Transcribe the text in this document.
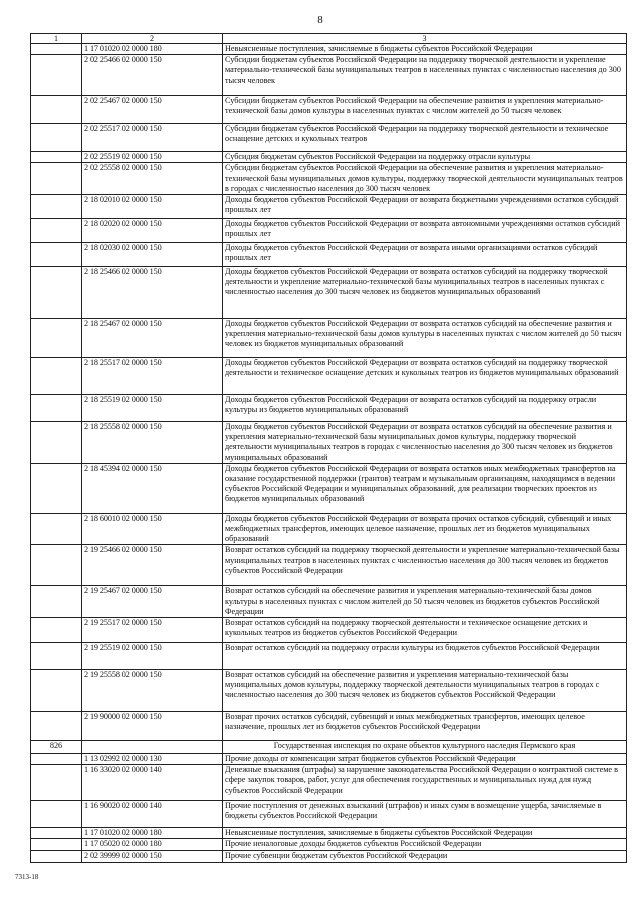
8
1	2	3
	1 17 01020 02 0000 180	Невыясненные поступления, зачисляемые в бюджеты субъектов Российской Федерации
	2 02 25466 02 0000 150	Субсидии бюджетам субъектов Российской Федерации на поддержку творческой деятельности и укрепление материально-технической базы муниципальных театров в населенных пунктах с численностью населения до 300 тысяч человек
	2 02 25467 02 0000 150	Субсидии бюджетам субъектов Российской Федерации на обеспечение развития и укрепления материально-технической базы домов культуры в населенных пунктах с числом жителей до 50 тысяч человек
	2 02 25517 02 0000 150	Субсидии бюджетам субъектов Российской Федерации на поддержку творческой деятельности и техническое оснащение детских и кукольных театров
	2 02 25519 02 0000 150	Субсидия бюджетам субъектов Российской Федерации на поддержку отрасли культуры
	2 02 25558 02 0000 150	Субсидии бюджетам субъектов Российской Федерации на обеспечение развития и укрепления материально-технической базы муниципальных домов культуры, поддержку творческой деятельности муниципальных театров в городах с численностью населения до 300 тысяч человек
	2 18 02010 02 0000 150	Доходы бюджетов субъектов Российской Федерации от возврата бюджетными учреждениями остатков субсидий прошлых лет
	2 18 02020 02 0000 150	Доходы бюджетов субъектов Российской Федерации от возврата автономными учреждениями остатков субсидий прошлых лет
	2 18 02030 02 0000 150	Доходы бюджетов субъектов Российской Федерации от возврата иными организациями остатков субсидий прошлых лет
	2 18 25466 02 0000 150	Доходы бюджетов субъектов Российской Федерации от возврата остатков субсидий на поддержку творческой деятельности и укрепление материально-технической базы муниципальных театров в населенных пунктах с численностью населения до 300 тысяч человек из бюджетов муниципальных образований
	2 18 25467 02 0000 150	Доходы бюджетов субъектов Российской Федерации от возврата остатков субсидий на обеспечение развития и укрепления материально-технической базы домов культуры в населенных пунктах с числом жителей до 50 тысяч человек из бюджетов муниципальных образований
	2 18 25517 02 0000 150	Доходы бюджетов субъектов Российской Федерации от возврата остатков субсидий на поддержку творческой деятельности и техническое оснащение детских и кукольных театров из бюджетов муниципальных образований
	2 18 25519 02 0000 150	Доходы бюджетов субъектов Российской Федерации от возврата остатков субсидий на поддержку отрасли культуры из бюджетов муниципальных образований
	2 18 25558 02 0000 150	Доходы бюджетов субъектов Российской Федерации от возврата остатков субсидий на обеспечение развития и укрепления материально-технической базы муниципальных домов культуры, поддержку творческой деятельности муниципальных театров в городах с численностью населения до 300 тысяч человек из бюджетов муниципальных образований
	2 18 45394 02 0000 150	Доходы бюджетов субъектов Российской Федерации от возврата остатков иных межбюджетных трансфертов на оказание государственной поддержки (грантов) театрам и музыкальным организациям, находящимся в ведении субъектов Российской Федерации и муниципальных образований, для реализации творческих проектов из бюджетов муниципальных образований
	2 18 60010 02 0000 150	Доходы бюджетов субъектов Российской Федерации от возврата прочих остатков субсидий, субвенций и иных межбюджетных трансфертов, имеющих целевое назначение, прошлых лет из бюджетов муниципальных образований
	2 19 25466 02 0000 150	Возврат остатков субсидий на поддержку творческой деятельности и укрепление материально-технической базы муниципальных театров в населенных пунктах с численностью населения до 300 тысяч человек из бюджетов субъектов Российской Федерации
	2 19 25467 02 0000 150	Возврат остатков субсидий на обеспечение развития и укрепления материально-технической базы домов культуры в населенных пунктах с числом жителей до 50 тысяч человек из бюджетов субъектов Российской Федерации
	2 19 25517 02 0000 150	Возврат остатков субсидий на поддержку творческой деятельности и техническое оснащение детских и кукольных театров из бюджетов субъектов Российской Федерации
	2 19 25519 02 0000 150	Возврат остатков субсидий на поддержку отрасли культуры из бюджетов субъектов Российской Федерации
	2 19 25558 02 0000 150	Возврат остатков субсидий на обеспечение развития и укрепления материально-технической базы муниципальных домов культуры, поддержку творческой деятельности муниципальных театров в городах с численностью населения до 300 тысяч человек из бюджетов субъектов Российской Федерации
	2 19 90000 02 0000 150	Возврат прочих остатков субсидий, субвенций и иных межбюджетных трансфертов, имеющих целевое назначение, прошлых лет из бюджетов субъектов Российской Федерации
826		Государственная инспекция по охране объектов культурного наследия Пермского края
	1 13 02992 02 0000 130	Прочие доходы от компенсации затрат бюджетов субъектов Российской Федерации
	1 16 33020 02 0000 140	Денежные взыскания (штрафы) за нарушение законодательства Российской Федерации о контрактной системе в сфере закупок товаров, работ, услуг для обеспечения государственных и муниципальных нужд для нужд субъектов Российской Федерации
	1 16 90020 02 0000 140	Прочие поступления от денежных взысканий (штрафов) и иных сумм в возмещение ущерба, зачисляемые в бюджеты субъектов Российской Федерации
	1 17 01020 02 0000 180	Невыясненные поступления, зачисляемые в бюджеты субъектов Российской Федерации
	1 17 05020 02 0000 180	Прочие неналоговые доходы бюджетов субъектов Российской Федерации
	2 02 39999 02 0000 150	Прочие субвенции бюджетам субъектов Российской Федерации
7313-18
